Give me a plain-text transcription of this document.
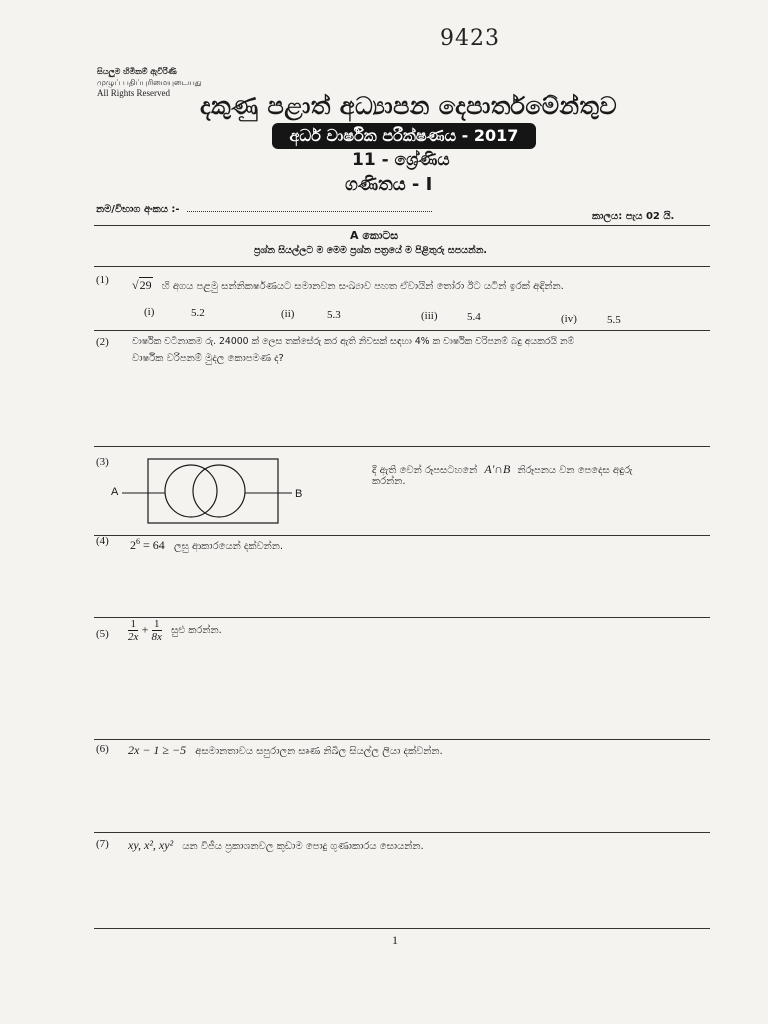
9423
සියලුම හිමිකම් ඇවිරිණි
முழுப் பதிப்புரிமையுடையது
All Rights Reserved	දකුණු පළාත් අධ්‍යාපන දෙපාර්තමේන්තුව
අර්ධ වාර්ෂික පරීක්ෂණය - 2017
11 - ශ්‍රේණිය
ගණිතය - I
නම/විභාග අංකය :-
කාලය: පැය 02 යි.
A කොටස
ප්‍රශ්න සියල්ලට ම මෙම ප්‍රශ්න පත්‍රයේ ම පිළිතුරු සපයන්න.
(1) √29 හි අගය පළමු සන්නිකර්ෂණයට සමානවන සංඛ්‍යාව පහත ඒවායින් තෝරා ඊට යටින් ඉරක් අඳින්න.
(i)	5.2	(ii)	5.3	(iii)	5.4	(iv)	5.5
(2) වාර්ෂික වටිනාකම රු. 24000 ක් ලෙස තක්සේරු කර ඇති නිවසක් සඳහා 4% ක වාර්ෂික වරිපනම් බදු අයකරයි නම්
වාර්ෂික වරිපනම් මුදල කොපමණ ද?
(3)
A	B
දී ඇති වෙන් රූපසටහනේ A'∩B නිරූපනය වන පෙදෙස අඳුරු
කරන්න.
(4) $2^6 = 64$ ලඝු ආකාරයෙන් දක්වන්න.
$(5) \frac{1}{2x} + \frac{1}{8x}$ සුළු කරන්න.
(6) 2x − 1 ≥ −5 අසමානතාවය සපුරාලන සෘණ නිඛිල සියල්ල ලියා දක්වන්න.
(7) xy, x², xy² යන වීජීය ප්‍රකාශනවල කුඩාම පොදු ගුණාකාරය සොයන්න.
1
